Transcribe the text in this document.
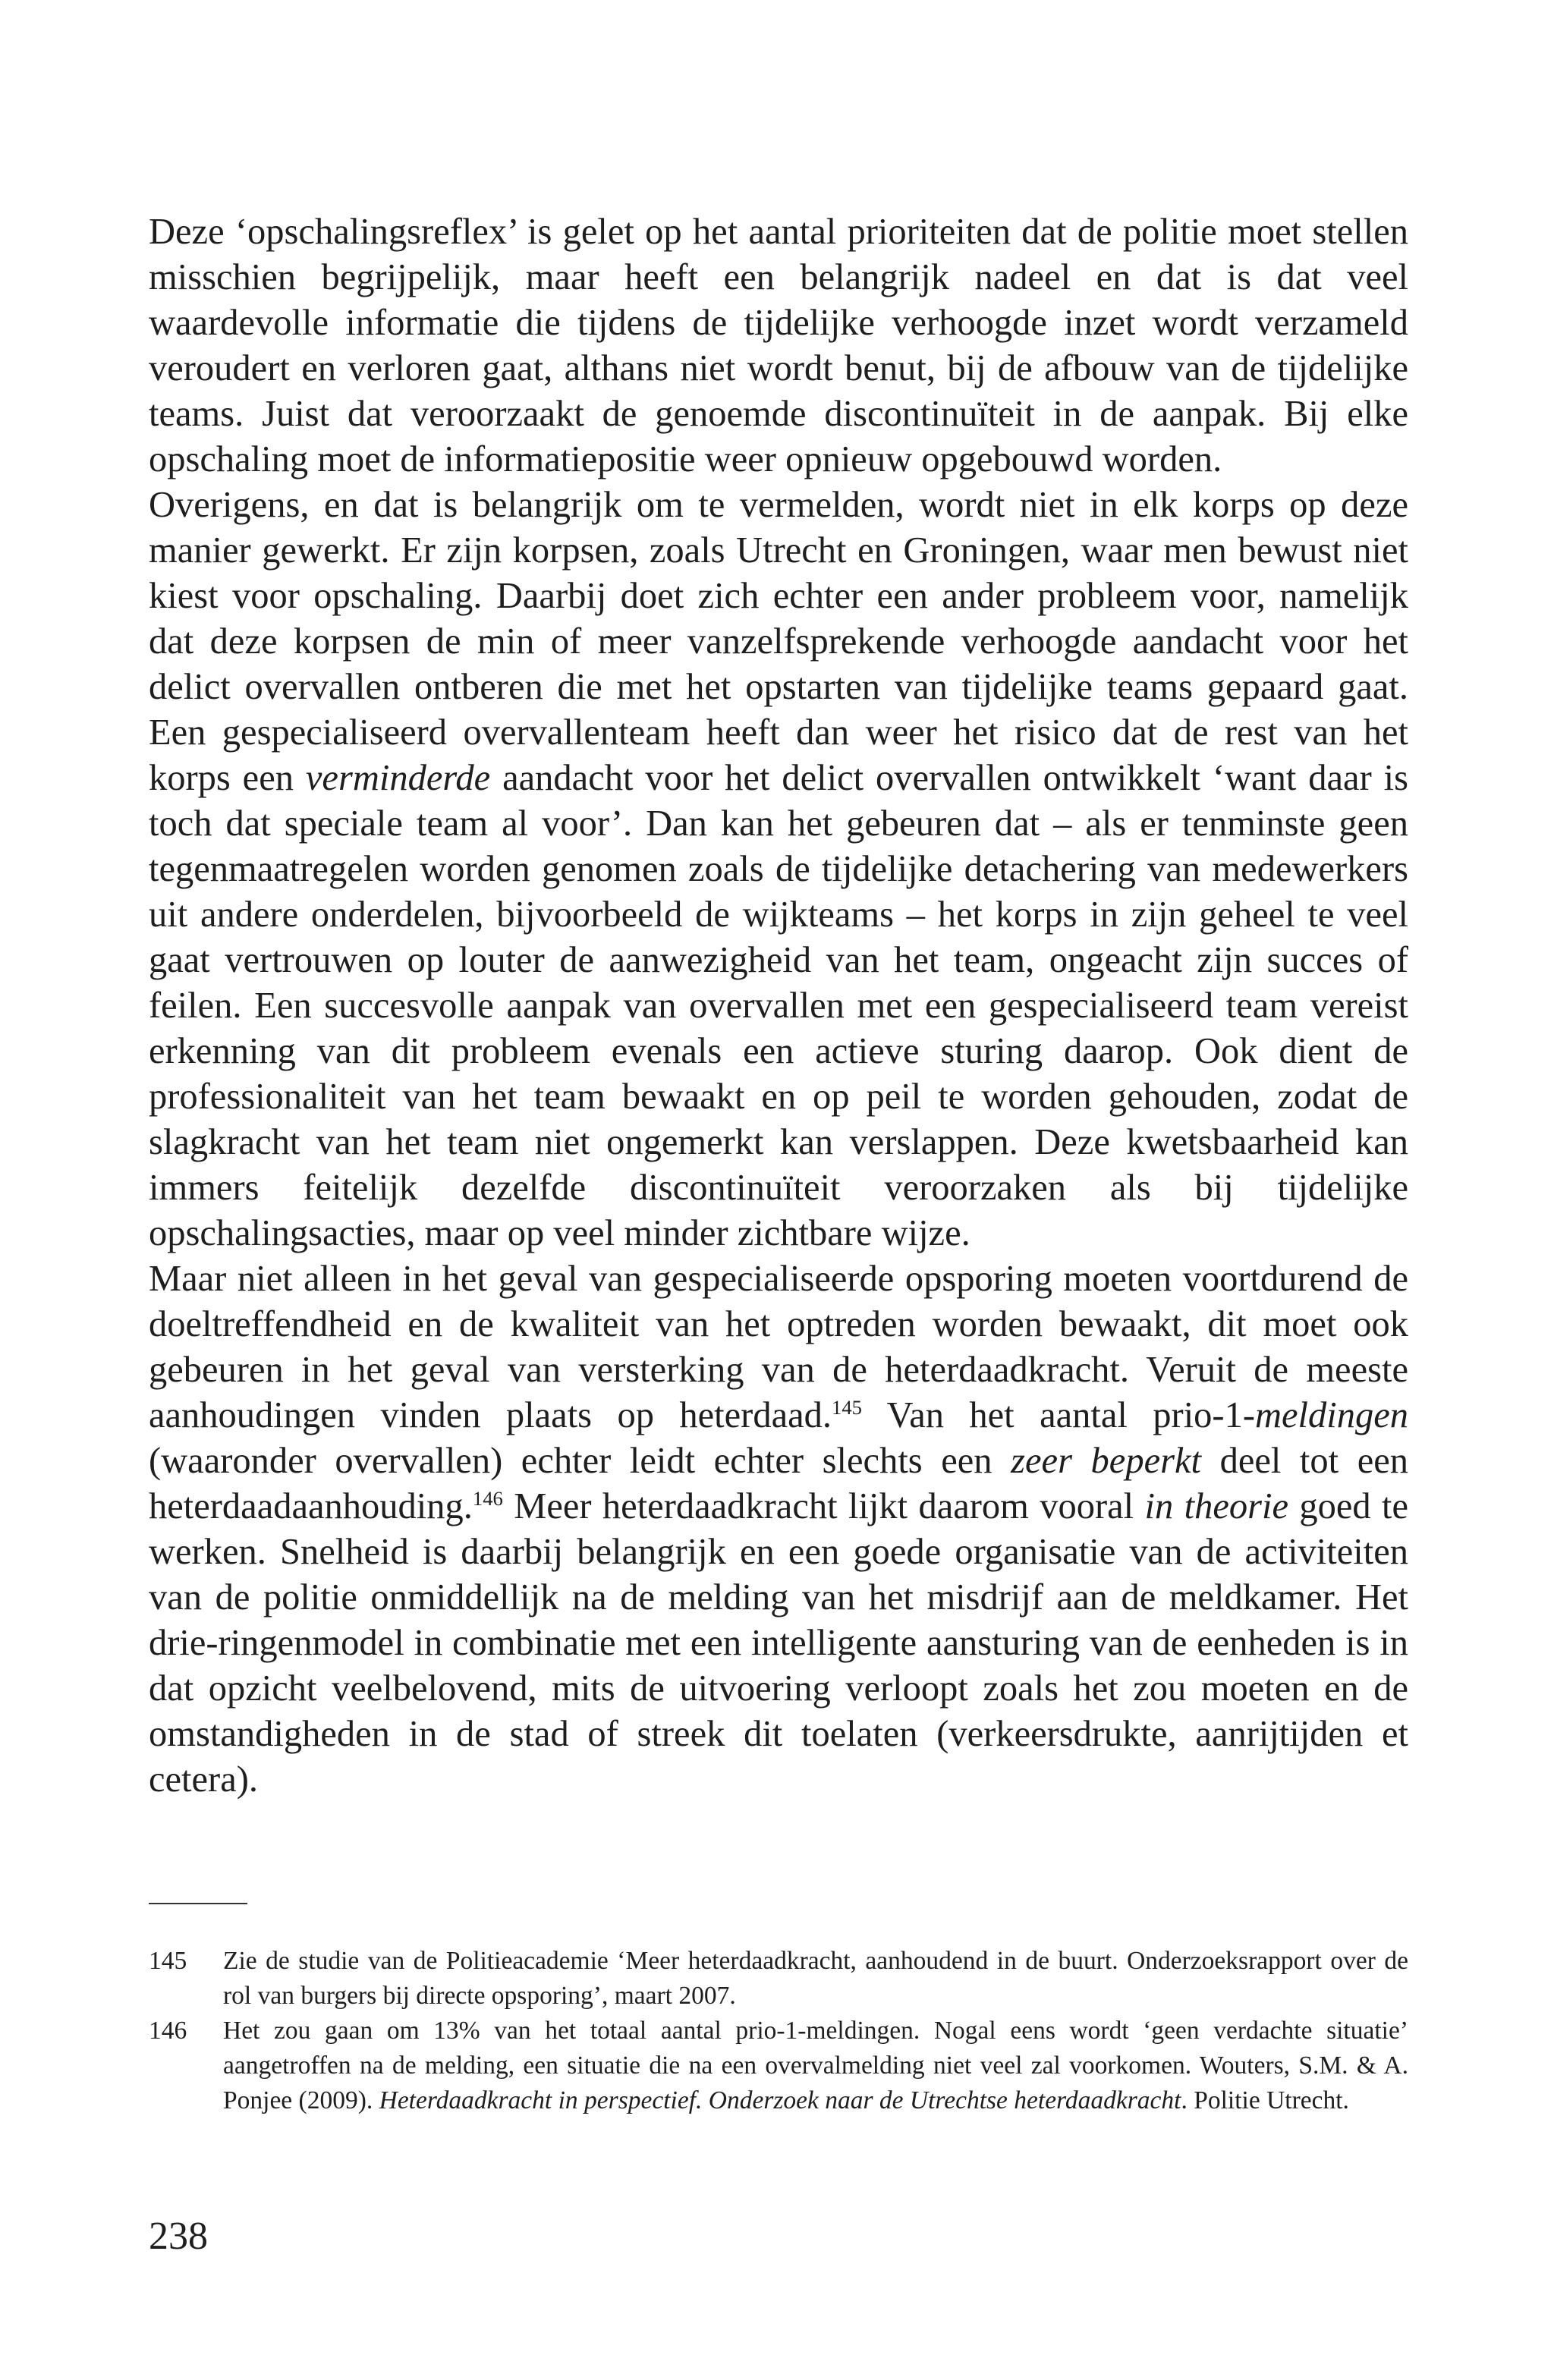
Deze ‘opschalingsreflex’ is gelet op het aantal prioriteiten dat de politie moet stellen misschien begrijpelijk, maar heeft een belangrijk nadeel en dat is dat veel waardevolle informatie die tijdens de tijdelijke verhoogde inzet wordt verzameld veroudert en verloren gaat, althans niet wordt benut, bij de afbouw van de tijdelijke teams. Juist dat veroorzaakt de genoemde discontinuïteit in de aanpak. Bij elke opschaling moet de informatiepositie weer opnieuw opgebouwd worden.

Overigens, en dat is belangrijk om te vermelden, wordt niet in elk korps op deze manier gewerkt. Er zijn korpsen, zoals Utrecht en Groningen, waar men bewust niet kiest voor opschaling. Daarbij doet zich echter een ander probleem voor, namelijk dat deze korpsen de min of meer vanzelfsprekende verhoogde aandacht voor het delict overvallen ontberen die met het opstarten van tijdelijke teams gepaard gaat. Een gespecialiseerd overvallenteam heeft dan weer het risico dat de rest van het korps een verminderde aandacht voor het delict overvallen ontwikkelt ‘want daar is toch dat speciale team al voor’. Dan kan het gebeuren dat – als er tenminste geen tegenmaatregelen worden genomen zoals de tijdelijke detachering van medewerkers uit andere onderdelen, bijvoorbeeld de wijkteams – het korps in zijn geheel te veel gaat vertrouwen op louter de aanwezigheid van het team, ongeacht zijn succes of feilen. Een succesvolle aanpak van overvallen met een gespecialiseerd team vereist erkenning van dit probleem evenals een actieve sturing daarop. Ook dient de professionaliteit van het team bewaakt en op peil te worden gehouden, zodat de slagkracht van het team niet ongemerkt kan verslappen. Deze kwetsbaarheid kan immers feitelijk dezelfde discontinuïteit veroorzaken als bij tijdelijke opschalingsacties, maar op veel minder zichtbare wijze.

Maar niet alleen in het geval van gespecialiseerde opsporing moeten voortdurend de doeltreffendheid en de kwaliteit van het optreden worden bewaakt, dit moet ook gebeuren in het geval van versterking van de heterdaadkracht. Veruit de meeste aanhoudingen vinden plaats op heterdaad.$^{145}$ Van het aantal prio-1-meldingen (waaronder overvallen) echter leidt echter slechts een zeer beperkt deel tot een heterdaadaanhouding.$^{146}$ Meer heterdaadkracht lijkt daarom vooral in theorie goed te werken. Snelheid is daarbij belangrijk en een goede organisatie van de activiteiten van de politie onmiddellijk na de melding van het misdrijf aan de meldkamer. Het drie-ringenmodel in combinatie met een intelligente aansturing van de eenheden is in dat opzicht veelbelovend, mits de uitvoering verloopt zoals het zou moeten en de omstandigheden in de stad of streek dit toelaten (verkeersdrukte, aanrijtijden et cetera).

145	Zie de studie van de Politieacademie ‘Meer heterdaadkracht, aanhoudend in de buurt. Onderzoeksrapport over de rol van burgers bij directe opsporing’, maart 2007.
146	Het zou gaan om 13% van het totaal aantal prio-1-meldingen. Nogal eens wordt ‘geen verdachte situatie’ aangetroffen na de melding, een situatie die na een overvalmelding niet veel zal voorkomen. Wouters, S.M. & A. Ponjee (2009). Heterdaadkracht in perspectief. Onderzoek naar de Utrechtse heterdaadkracht. Politie Utrecht.
238
